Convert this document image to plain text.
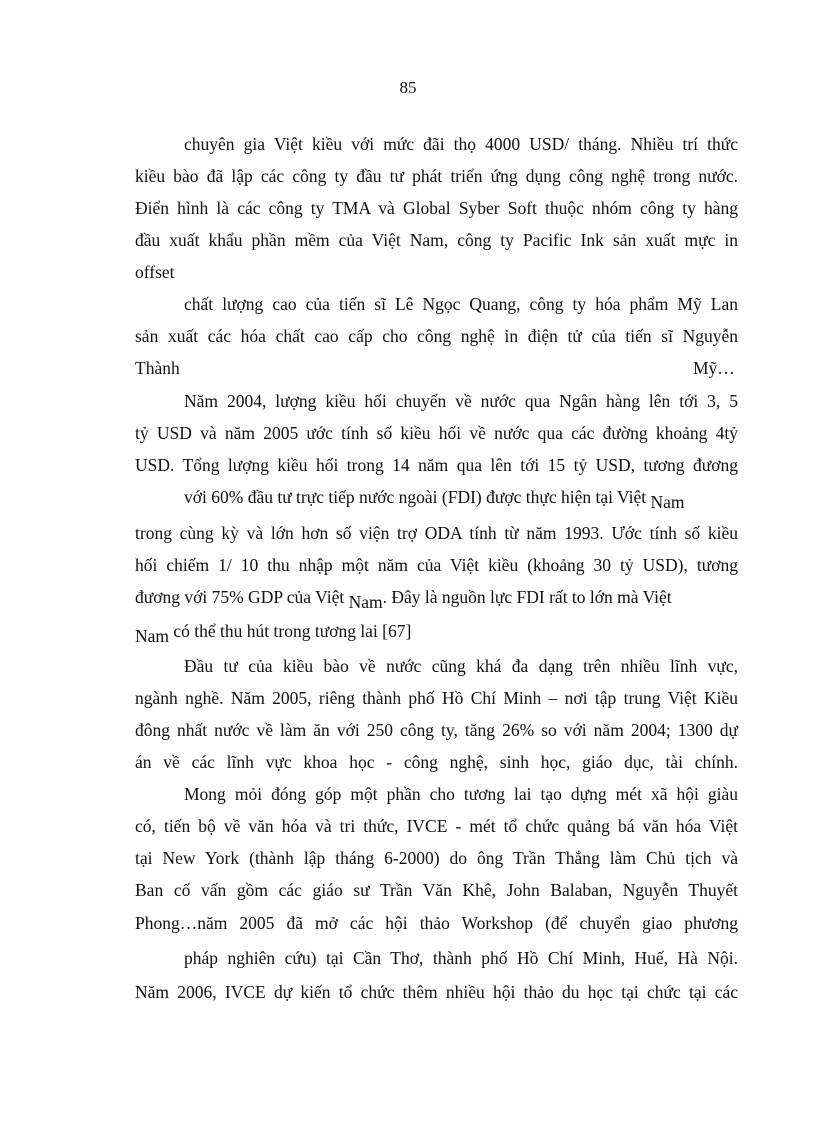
85
chuyên gia Việt kiều với mức đãi thọ 4000 USD/ tháng. Nhiều trí thức
kiều bào đã lập các công ty đầu tư phát triển ứng dụng công nghệ trong nước.
Điển hình là các công ty TMA và Global Syber Soft thuộc nhóm công ty hàng
đầu xuất khẩu phần mềm của Việt Nam, công ty Pacific Ink sản xuất mực in
offset
chất lượng cao của tiến sĩ Lê Ngọc Quang, công ty hóa phẩm Mỹ Lan
sản xuất các hóa chất cao cấp cho công nghệ in điện tử của tiến sĩ Nguyễn
Thành	Mỹ…
Năm 2004, lượng kiều hối chuyển về nước qua Ngân hàng lên tới 3, 5
tỷ USD và năm 2005 ước tính số kiều hối về nước qua các đường khoảng 4tỷ
USD. Tổng lượng kiều hối trong 14 năm qua lên tới 15 tỷ USD, tương đương
với 60% đầu tư trực tiếp nước ngoài (FDI) được thực hiện tại Việt Nam
trong cùng kỳ và lớn hơn số viện trợ ODA tính từ năm 1993. Ước tính số kiều
hối chiếm 1/ 10 thu nhập một năm của Việt kiều (khoảng 30 tỷ USD), tương
đương với 75% GDP của Việt Nam. Đây là nguồn lực FDI rất to lớn mà Việt
Nam có thể thu hút trong tương lai [67]
Đầu tư của kiều bào về nước cũng khá đa dạng trên nhiều lĩnh vực,
ngành nghề. Năm 2005, riêng thành phố Hồ Chí Minh – nơi tập trung Việt Kiều
đông nhất nước về làm ăn với 250 công ty, tăng 26% so với năm 2004; 1300 dự
án về các lĩnh vực khoa học - công nghệ, sinh học, giáo dục, tài chính.
Mong mỏi đóng góp một phần cho tương lai tạo dựng mét xã hội giàu
có, tiến bộ về văn hóa và tri thức, IVCE - mét tổ chức quảng bá văn hóa Việt
tại New York (thành lập tháng 6-2000) do ông Trần Thắng làm Chủ tịch và
Ban cố vấn gồm các giáo sư Trần Văn Khê, John Balaban, Nguyễn Thuyết
Phong…năm 2005 đã mở các hội thảo Workshop (để chuyển giao phương
pháp nghiên cứu) tại Cần Thơ, thành phố Hồ Chí Minh, Huế, Hà Nội.
Năm 2006, IVCE dự kiến tổ chức thêm nhiều hội thảo du học tại chức tại các
